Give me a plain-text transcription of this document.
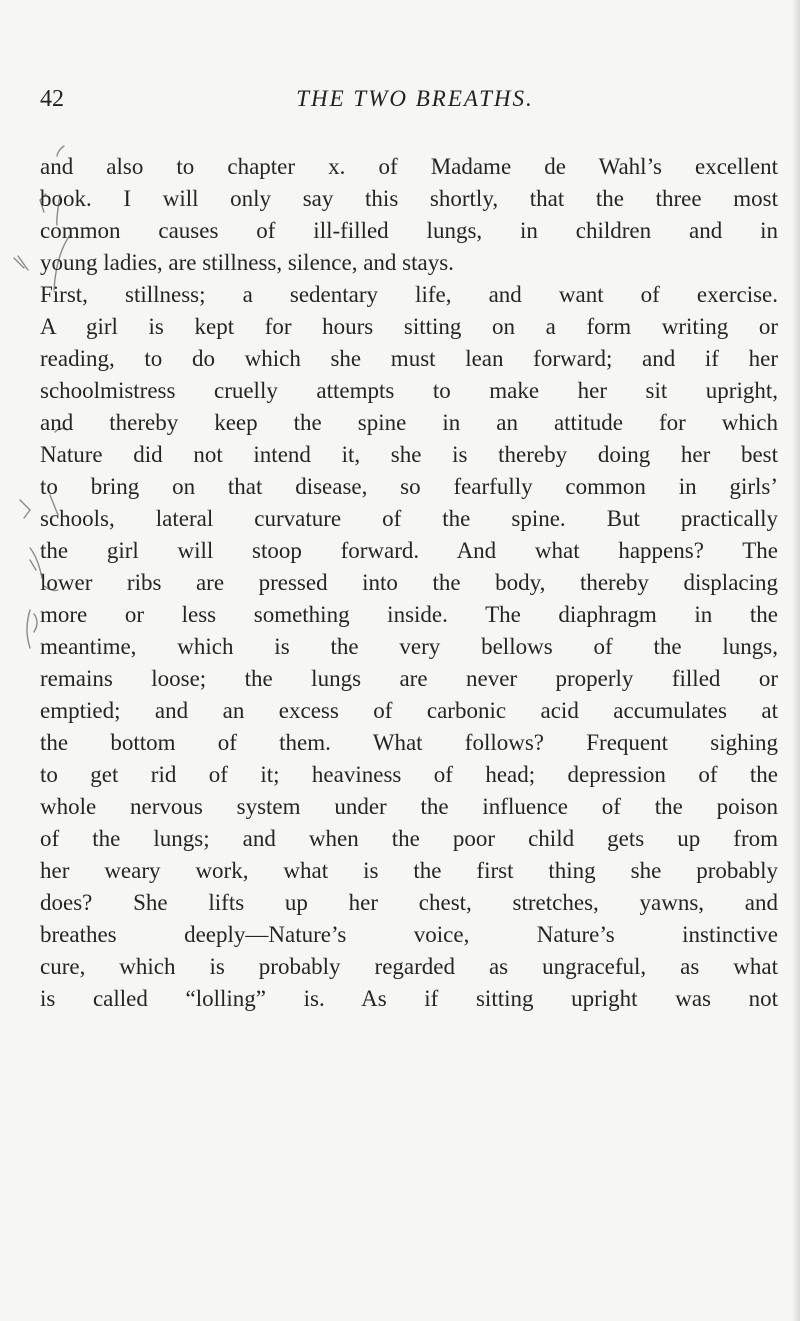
42	THE TWO BREATHS.
and also to chapter x. of Madame de Wahl’s excellent
book. I will only say this shortly, that the three most
common causes of ill-filled lungs, in children and in
young ladies, are stillness, silence, and stays.
First, stillness; a sedentary life, and want of exercise.
A girl is kept for hours sitting on a form writing or
reading, to do which she must lean forward; and if her
schoolmistress cruelly attempts to make her sit upright,
and thereby keep the spine in an attitude for which
Nature did not intend it, she is thereby doing her best
to bring on that disease, so fearfully common in girls’
schools, lateral curvature of the spine. But practically
the girl will stoop forward. And what happens? The
lower ribs are pressed into the body, thereby displacing
more or less something inside. The diaphragm in the
meantime, which is the very bellows of the lungs,
remains loose; the lungs are never properly filled or
emptied; and an excess of carbonic acid accumulates at
the bottom of them. What follows? Frequent sighing
to get rid of it; heaviness of head; depression of the
whole nervous system under the influence of the poison
of the lungs; and when the poor child gets up from
her weary work, what is the first thing she probably
does? She lifts up her chest, stretches, yawns, and
breathes deeply—Nature’s voice, Nature’s instinctive
cure, which is probably regarded as ungraceful, as what
is called “lolling” is. As if sitting upright was not
